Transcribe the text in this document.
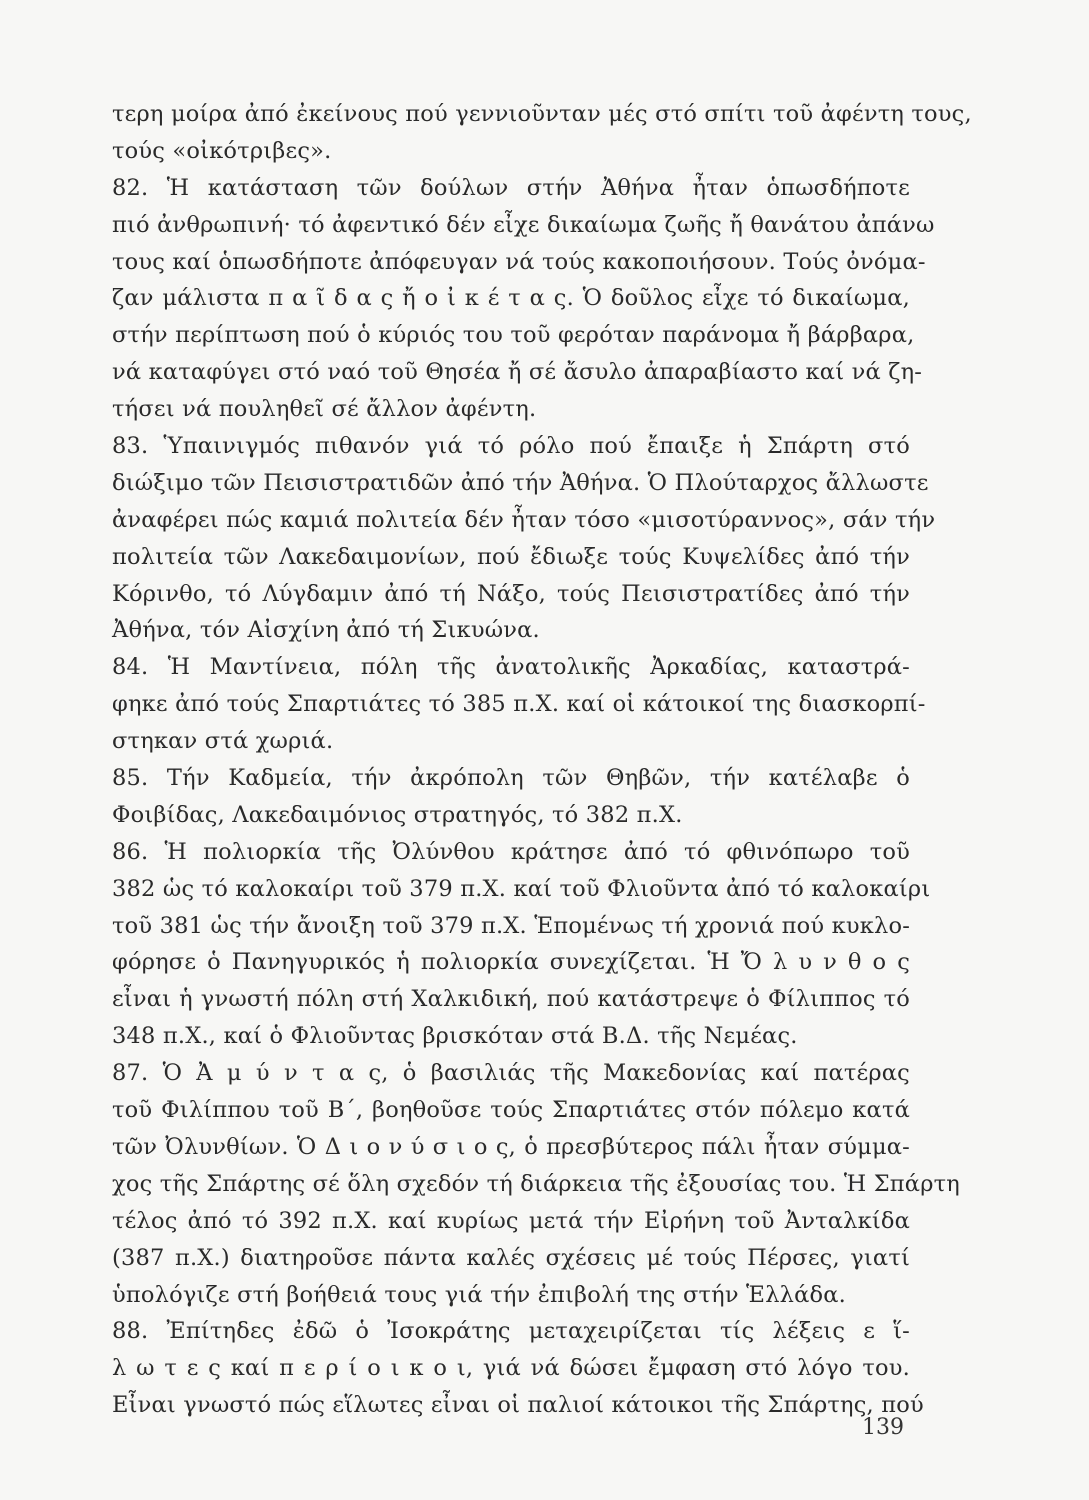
τερη μοίρα ἀπό ἐκείνους πού γεννιοῦνταν μές στό σπίτι τοῦ ἀφέντη τους,
τούς «οἰκότριβες».
82. Ἡ κατάσταση τῶν δούλων στήν Ἀθήνα ἦταν ὁπωσδήποτε
πιό ἀνθρωπινή· τό ἀφεντικό δέν εἶχε δικαίωμα ζωῆς ἤ θανάτου ἀπάνω
τους καί ὁπωσδήποτε ἀπόφευγαν νά τούς κακοποιήσουν. Τούς ὀνόμα-
ζαν μάλιστα π α ῖ δ α ς ἤ ο ἰ κ έ τ α ς. Ὁ δοῦλος εἶχε τό δικαίωμα,
στήν περίπτωση πού ὁ κύριός του τοῦ φερόταν παράνομα ἤ βάρβαρα,
νά καταφύγει στό ναό τοῦ Θησέα ἤ σέ ἄσυλο ἀπαραβίαστο καί νά ζη-
τήσει νά πουληθεῖ σέ ἄλλον ἀφέντη.
83. Ὑπαινιγμός πιθανόν γιά τό ρόλο πού ἔπαιξε ἡ Σπάρτη στό
διώξιμο τῶν Πεισιστρατιδῶν ἀπό τήν Ἀθήνα. Ὁ Πλούταρχος ἄλλωστε
ἀναφέρει πώς καμιά πολιτεία δέν ἦταν τόσο «μισοτύραννος», σάν τήν
πολιτεία τῶν Λακεδαιμονίων, πού ἔδιωξε τούς Κυψελίδες ἀπό τήν
Κόρινθο, τό Λύγδαμιν ἀπό τή Νάξο, τούς Πεισιστρατίδες ἀπό τήν
Ἀθήνα, τόν Αἰσχίνη ἀπό τή Σικυώνα.
84. Ἡ Μαντίνεια, πόλη τῆς ἀνατολικῆς Ἀρκαδίας, καταστρά-
φηκε ἀπό τούς Σπαρτιάτες τό 385 π.Χ. καί οἱ κάτοικοί της διασκορπί-
στηκαν στά χωριά.
85. Τήν Καδμεία, τήν ἀκρόπολη τῶν Θηβῶν, τήν κατέλαβε ὁ
Φοιβίδας, Λακεδαιμόνιος στρατηγός, τό 382 π.Χ.
86. Ἡ πολιορκία τῆς Ὀλύνθου κράτησε ἀπό τό φθινόπωρο τοῦ
382 ὡς τό καλοκαίρι τοῦ 379 π.Χ. καί τοῦ Φλιοῦντα ἀπό τό καλοκαίρι
τοῦ 381 ὡς τήν ἄνοιξη τοῦ 379 π.Χ. Ἑπομένως τή χρονιά πού κυκλο-
φόρησε ὁ Πανηγυρικός ἡ πολιορκία συνεχίζεται. Ἡ Ὄ λ υ ν θ ο ς
εἶναι ἡ γνωστή πόλη στή Χαλκιδική, πού κατάστρεψε ὁ Φίλιππος τό
348 π.Χ., καί ὁ Φλιοῦντας βρισκόταν στά Β.Δ. τῆς Νεμέας.
87. Ὁ Ἀ μ ύ ν τ α ς, ὁ βασιλιάς τῆς Μακεδονίας καί πατέρας
τοῦ Φιλίππου τοῦ Β΄, βοηθοῦσε τούς Σπαρτιάτες στόν πόλεμο κατά
τῶν Ὀλυνθίων. Ὁ Δ ι ο ν ύ σ ι ο ς, ὁ πρεσβύτερος πάλι ἦταν σύμμα-
χος τῆς Σπάρτης σέ ὅλη σχεδόν τή διάρκεια τῆς ἐξουσίας του. Ἡ Σπάρτη
τέλος ἀπό τό 392 π.Χ. καί κυρίως μετά τήν Εἰρήνη τοῦ Ἀνταλκίδα
(387 π.Χ.) διατηροῦσε πάντα καλές σχέσεις μέ τούς Πέρσες, γιατί
ὑπολόγιζε στή βοήθειά τους γιά τήν ἐπιβολή της στήν Ἑλλάδα.
88. Ἐπίτηδες ἐδῶ ὁ Ἰσοκράτης μεταχειρίζεται τίς λέξεις ε ἵ-
λ ω τ ε ς καί π ε ρ ί ο ι κ ο ι, γιά νά δώσει ἔμφαση στό λόγο του.
Εἶναι γνωστό πώς εἵλωτες εἶναι οἱ παλιοί κάτοικοι τῆς Σπάρτης, πού
139
